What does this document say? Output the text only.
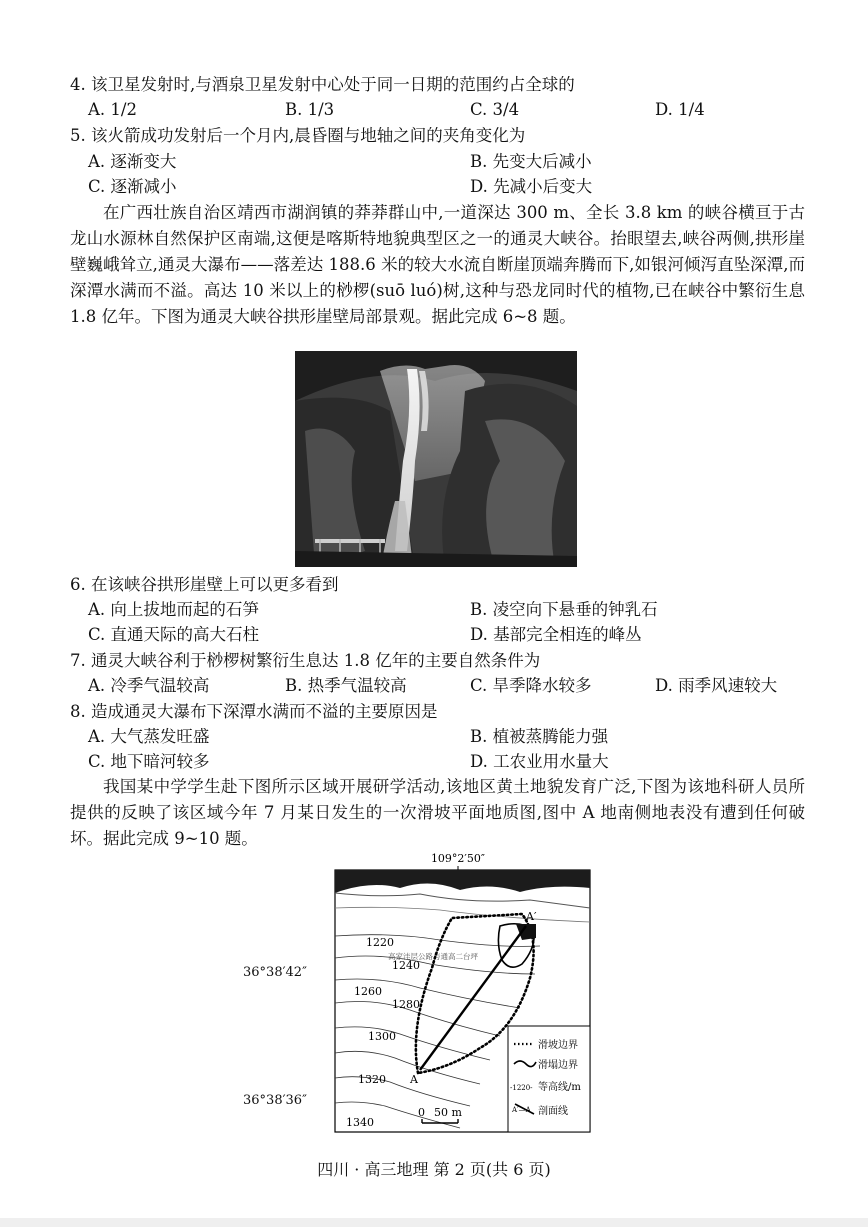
4. 该卫星发射时,与酒泉卫星发射中心处于同一日期的范围约占全球的
A. 1/2	B. 1/3	C. 3/4	D. 1/4
5. 该火箭成功发射后一个月内,晨昏圈与地轴之间的夹角变化为
A. 逐渐变大	B. 先变大后减小
C. 逐渐减小	D. 先减小后变大
在广西壮族自治区靖西市湖润镇的莽莽群山中,一道深达 300 m、全长 3.8 km 的峡谷横亘于古龙山水源林自然保护区南端,这便是喀斯特地貌典型区之一的通灵大峡谷。抬眼望去,峡谷两侧,拱形崖壁巍峨耸立,通灵大瀑布——落差达 188.6 米的较大水流自断崖顶端奔腾而下,如银河倾泻直坠深潭,而深潭水满而不溢。高达 10 米以上的桫椤(suō luó)树,这种与恐龙同时代的植物,已在峡谷中繁衍生息 1.8 亿年。下图为通灵大峡谷拱形崖壁局部景观。据此完成 6~8 题。
6. 在该峡谷拱形崖壁上可以更多看到
A. 向上拔地而起的石笋	B. 凌空向下悬垂的钟乳石
C. 直通天际的高大石柱	D. 基部完全相连的峰丛
7. 通灵大峡谷利于桫椤树繁衍生息达 1.8 亿年的主要自然条件为
A. 冷季气温较高	B. 热季气温较高	C. 旱季降水较多	D. 雨季风速较大
8. 造成通灵大瀑布下深潭水满而不溢的主要原因是
A. 大气蒸发旺盛	B. 植被蒸腾能力强
C. 地下暗河较多	D. 工农业用水量大
我国某中学学生赴下图所示区域开展研学活动,该地区黄土地貌发育广泛,下图为该地科研人员所提供的反映了该区域今年 7 月某日发生的一次滑坡平面地质图,图中 A 地南侧地表没有遭到任何破坏。据此完成 9~10 题。
109°2′50″
1220
1240
1260
1280
1300
1320
1340
高家洼层公路与通高二台坪
A
A′
滑坡边界
滑塌边界
-1220- 等高线/m
A′—A 剖面线
0 50 m
36°38′42″
36°38′36″
四川 · 高三地理 第 2 页(共 6 页)
